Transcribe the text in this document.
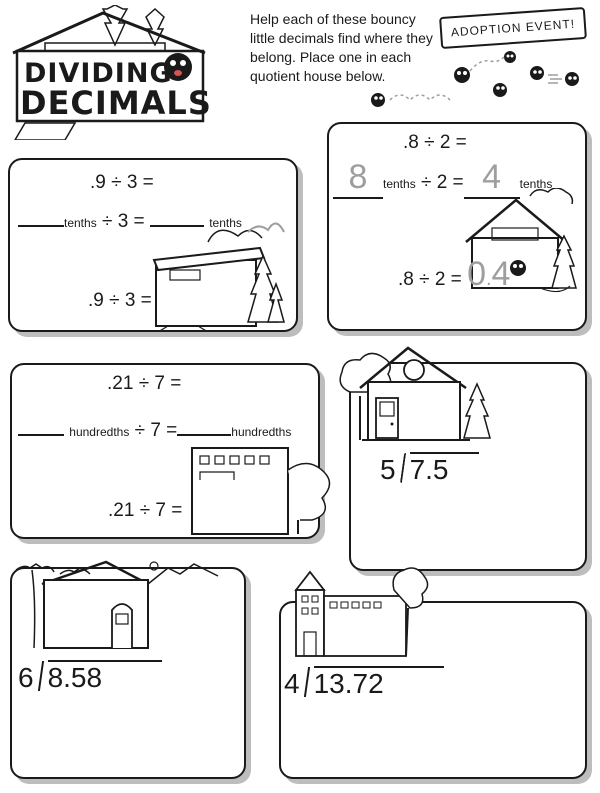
DIVIDING
DECIMALS
Help each of these bouncy little decimals find where they belong. Place one in each quotient house below.
ADOPTION EVENT!
.9 ÷ 3 =
tenths ÷ 3 =	tenths
.9 ÷ 3 =
.8 ÷ 2 =
8 tenths ÷ 2 = 4 tenths
.8 ÷ 2 = 0.4
.21 ÷ 7 =
hundredths ÷ 7 =	hundredths
.21 ÷ 7 =
5 7.5
6 8.58	4 13.72
